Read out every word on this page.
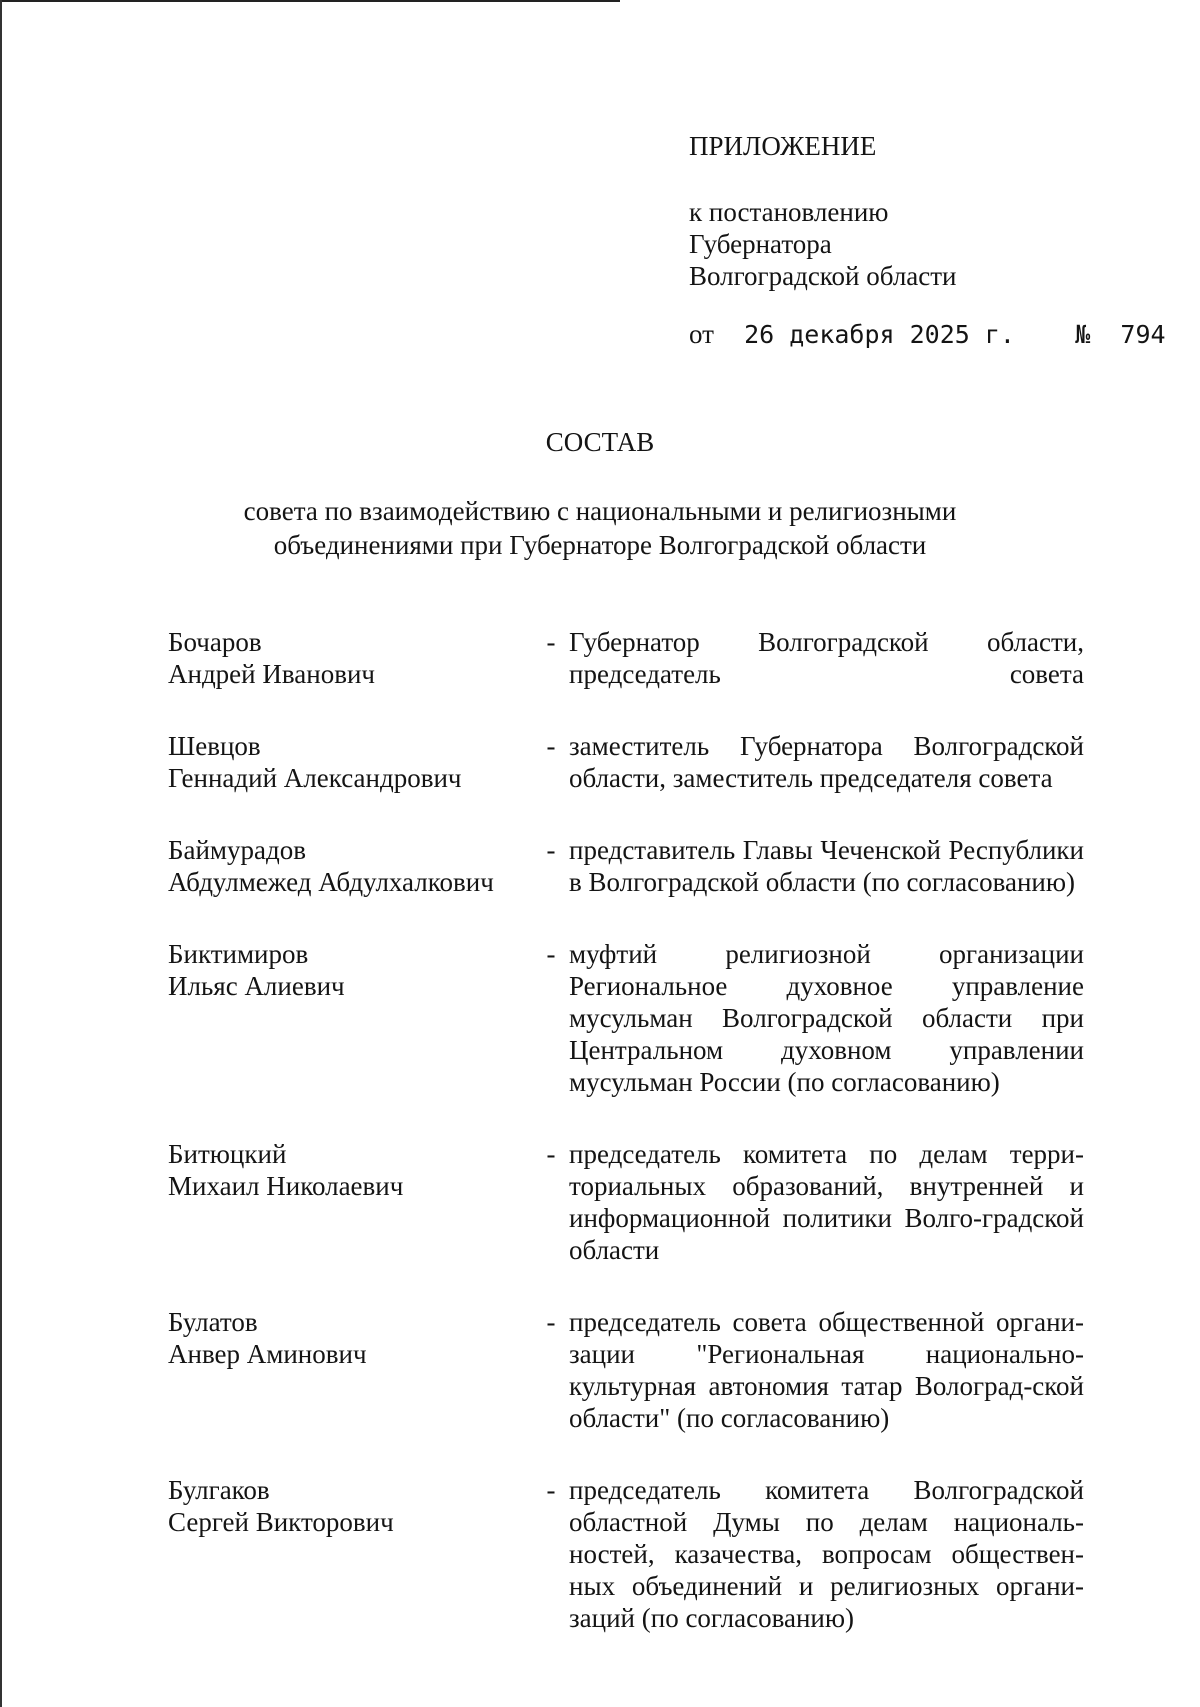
ПРИЛОЖЕНИЕ
к постановлению
Губернатора
Волгоградской области
от 26 декабря 2025 г. № 794
СОСТАВ
совета по взаимодействию с национальными и религиозными
объединениями при Губернаторе Волгоградской области
Бочаров
Андрей Иванович
- Губернатор Волгоградской области, председатель совета
Шевцов
Геннадий Александрович
- заместитель Губернатора Волгоградской области, заместитель председателя совета
Баймурадов
Абдулмежед Абдулхалкович
- представитель Главы Чеченской Республики в Волгоградской области (по согласованию)
Биктимиров
Ильяс Алиевич
- муфтий религиозной организации Региональное духовное управление мусульман Волгоградской области при Центральном духовном управлении мусульман России (по согласованию)
Битюцкий
Михаил Николаевич
- председатель комитета по делам терри-ториальных образований, внутренней и информационной политики Волго-градской области
Булатов
Анвер Аминович
- председатель совета общественной органи-зации "Региональная национально-культурная автономия татар Волоград-ской области" (по согласованию)
Булгаков
Сергей Викторович
- председатель комитета Волгоградской областной Думы по делам националь-ностей, казачества, вопросам обществен-ных объединений и религиозных органи-заций (по согласованию)
